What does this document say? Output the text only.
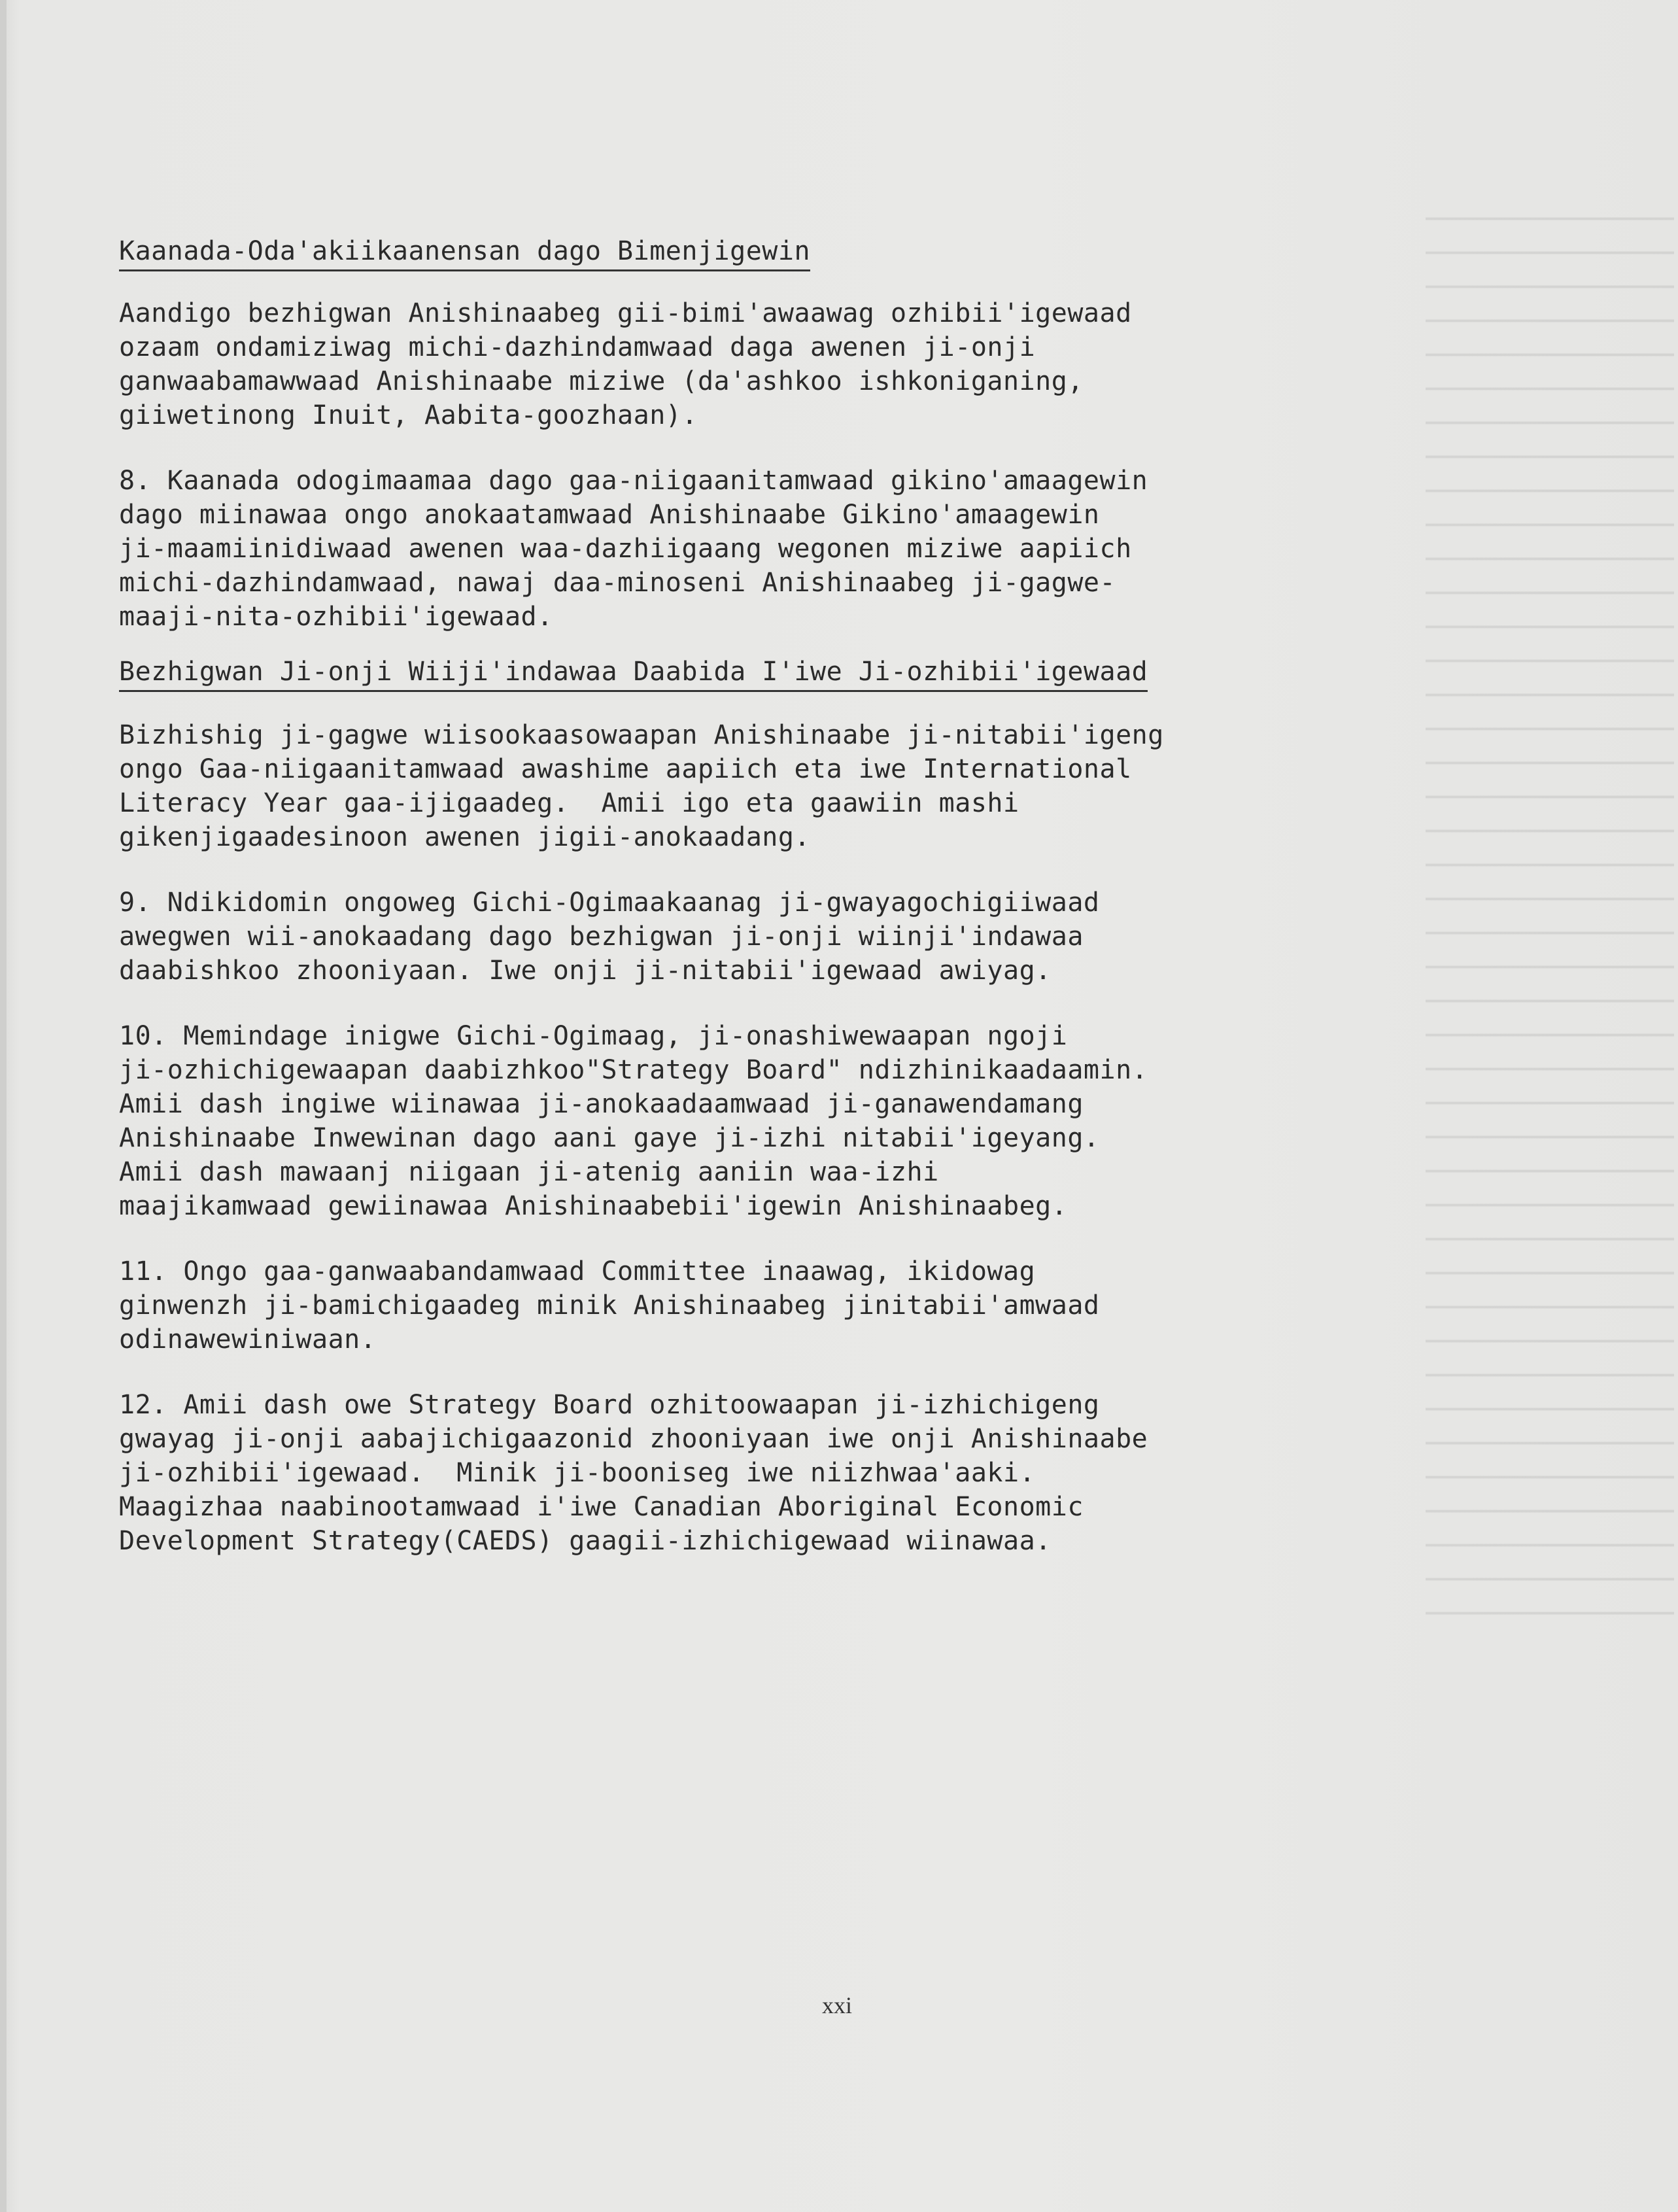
Kaanada-Oda'akiikaanensan dago Bimenjigewin
Aandigo bezhigwan Anishinaabeg gii-bimi'awaawag ozhibii'igewaad
ozaam ondamiziwag michi-dazhindamwaad daga awenen ji-onji
ganwaabamawwaad Anishinaabe miziwe (da'ashkoo ishkoniganing,
giiwetinong Inuit, Aabita-goozhaan).
8. Kaanada odogimaamaa dago gaa-niigaanitamwaad gikino'amaagewin
dago miinawaa ongo anokaatamwaad Anishinaabe Gikino'amaagewin
ji-maamiinidiwaad awenen waa-dazhiigaang wegonen miziwe aapiich
michi-dazhindamwaad, nawaj daa-minoseni Anishinaabeg ji-gagwe-
maaji-nita-ozhibii'igewaad.
Bezhigwan Ji-onji Wiiji'indawaa Daabida I'iwe Ji-ozhibii'igewaad
Bizhishig ji-gagwe wiisookaasowaapan Anishinaabe ji-nitabii'igeng
ongo Gaa-niigaanitamwaad awashime aapiich eta iwe International
Literacy Year gaa-ijigaadeg.  Amii igo eta gaawiin mashi
gikenjigaadesinoon awenen jigii-anokaadang.
9. Ndikidomin ongoweg Gichi-Ogimaakaanag ji-gwayagochigiiwaad
awegwen wii-anokaadang dago bezhigwan ji-onji wiinji'indawaa
daabishkoo zhooniyaan. Iwe onji ji-nitabii'igewaad awiyag.
10. Memindage inigwe Gichi-Ogimaag, ji-onashiwewaapan ngoji
ji-ozhichigewaapan daabizhkoo"Strategy Board" ndizhinikaadaamin.
Amii dash ingiwe wiinawaa ji-anokaadaamwaad ji-ganawendamang
Anishinaabe Inwewinan dago aani gaye ji-izhi nitabii'igeyang.
Amii dash mawaanj niigaan ji-atenig aaniin waa-izhi
maajikamwaad gewiinawaa Anishinaabebii'igewin Anishinaabeg.
11. Ongo gaa-ganwaabandamwaad Committee inaawag, ikidowag
ginwenzh ji-bamichigaadeg minik Anishinaabeg jinitabii'amwaad
odinawewiniwaan.
12. Amii dash owe Strategy Board ozhitoowaapan ji-izhichigeng
gwayag ji-onji aabajichigaazonid zhooniyaan iwe onji Anishinaabe
ji-ozhibii'igewaad.  Minik ji-booniseg iwe niizhwaa'aaki.
Maagizhaa naabinootamwaad i'iwe Canadian Aboriginal Economic
Development Strategy(CAEDS) gaagii-izhichigewaad wiinawaa.
xxi
